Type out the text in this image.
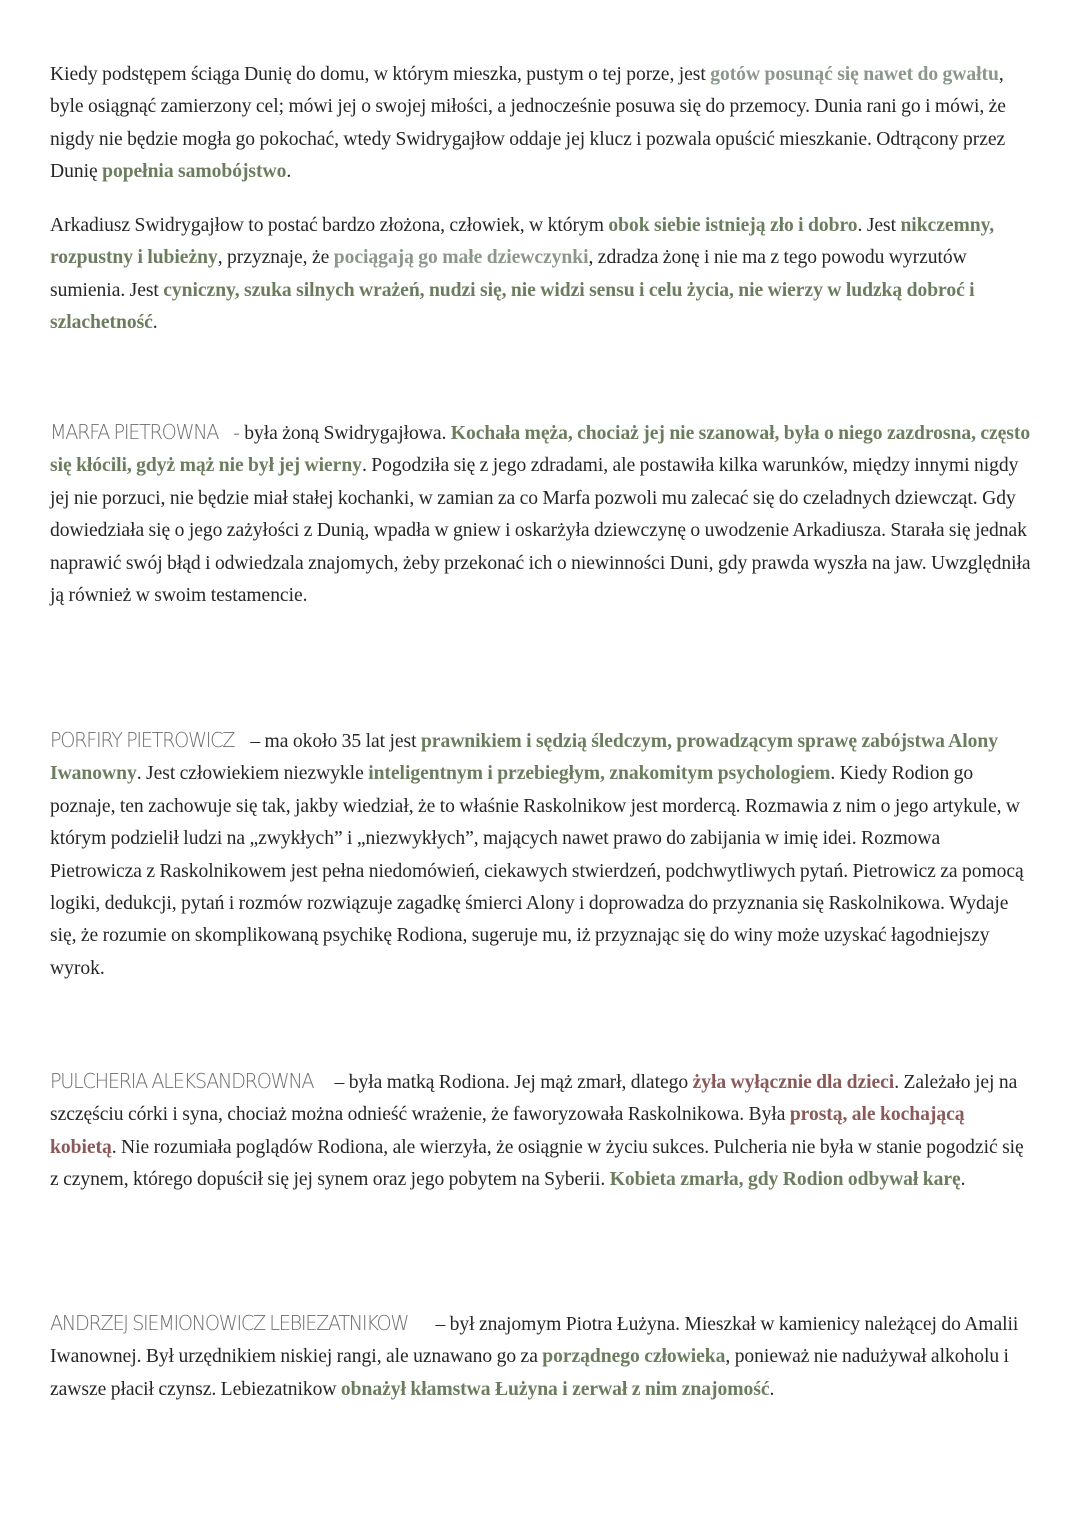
Kiedy podstępem ściąga Dunię do domu, w którym mieszka, pustym o tej porze, jest gotów posunąć się nawet do gwałtu, byle osiągnąć zamierzony cel; mówi jej o swojej miłości, a jednocześnie posuwa się do przemocy. Dunia rani go i mówi, że nigdy nie będzie mogła go pokochać, wtedy Swidrygajłow oddaje jej klucz i pozwala opuścić mieszkanie. Odtrącony przez Dunię popełnia samobójstwo.

Arkadiusz Swidrygajłow to postać bardzo złożona, człowiek, w którym obok siebie istnieją zło i dobro. Jest nikczemny, rozpustny i lubieżny, przyznaje, że pociągają go małe dziewczynki, zdradza żonę i nie ma z tego powodu wyrzutów sumienia. Jest cyniczny, szuka silnych wrażeń, nudzi się, nie widzi sensu i celu życia, nie wierzy w ludzką dobroć i szlachetność.

MARFA PIETROWNA - była żoną Swidrygajłowa. Kochała męża, chociaż jej nie szanował, była o niego zazdrosna, często się kłócili, gdyż mąż nie był jej wierny. Pogodziła się z jego zdradami, ale postawiła kilka warunków, między innymi nigdy jej nie porzuci, nie będzie miał stałej kochanki, w zamian za co Marfa pozwoli mu zalecać się do czeladnych dziewcząt. Gdy dowiedziała się o jego zażyłości z Dunią, wpadła w gniew i oskarżyła dziewczynę o uwodzenie Arkadiusza. Starała się jednak naprawić swój błąd i odwiedzala znajomych, żeby przekonać ich o niewinności Duni, gdy prawda wyszła na jaw. Uwzględniła ją również w swoim testamencie.

PORFIRY PIETROWICZ – ma około 35 lat jest prawnikiem i sędzią śledczym, prowadzącym sprawę zabójstwa Alony Iwanowny. Jest człowiekiem niezwykle inteligentnym i przebiegłym, znakomitym psychologiem. Kiedy Rodion go poznaje, ten zachowuje się tak, jakby wiedział, że to właśnie Raskolnikow jest mordercą. Rozmawia z nim o jego artykule, w którym podzielił ludzi na „zwykłych” i „niezwykłych”, mających nawet prawo do zabijania w imię idei. Rozmowa Pietrowicza z Raskolnikowem jest pełna niedomówień, ciekawych stwierdzeń, podchwytliwych pytań. Pietrowicz za pomocą logiki, dedukcji, pytań i rozmów rozwiązuje zagadkę śmierci Alony i doprowadza do przyznania się Raskolnikowa. Wydaje się, że rozumie on skomplikowaną psychikę Rodiona, sugeruje mu, iż przyznając się do winy może uzyskać łagodniejszy wyrok.

PULCHERIA ALEKSANDROWNA – była matką Rodiona. Jej mąż zmarł, dlatego żyła wyłącznie dla dzieci. Zależało jej na szczęściu córki i syna, chociaż można odnieść wrażenie, że faworyzowała Raskolnikowa. Była prostą, ale kochającą kobietą. Nie rozumiała poglądów Rodiona, ale wierzyła, że osiągnie w życiu sukces. Pulcheria nie była w stanie pogodzić się z czynem, którego dopuścił się jej synem oraz jego pobytem na Syberii. Kobieta zmarła, gdy Rodion odbywał karę.

ANDRZEJ SIEMIONOWICZ LEBIEZATNIKOW – był znajomym Piotra Łużyna. Mieszkał w kamienicy należącej do Amalii Iwanownej. Był urzędnikiem niskiej rangi, ale uznawano go za porządnego człowieka, ponieważ nie nadużywał alkoholu i zawsze płacił czynsz. Lebiezatnikow obnażył kłamstwa Łużyna i zerwał z nim znajomość.
